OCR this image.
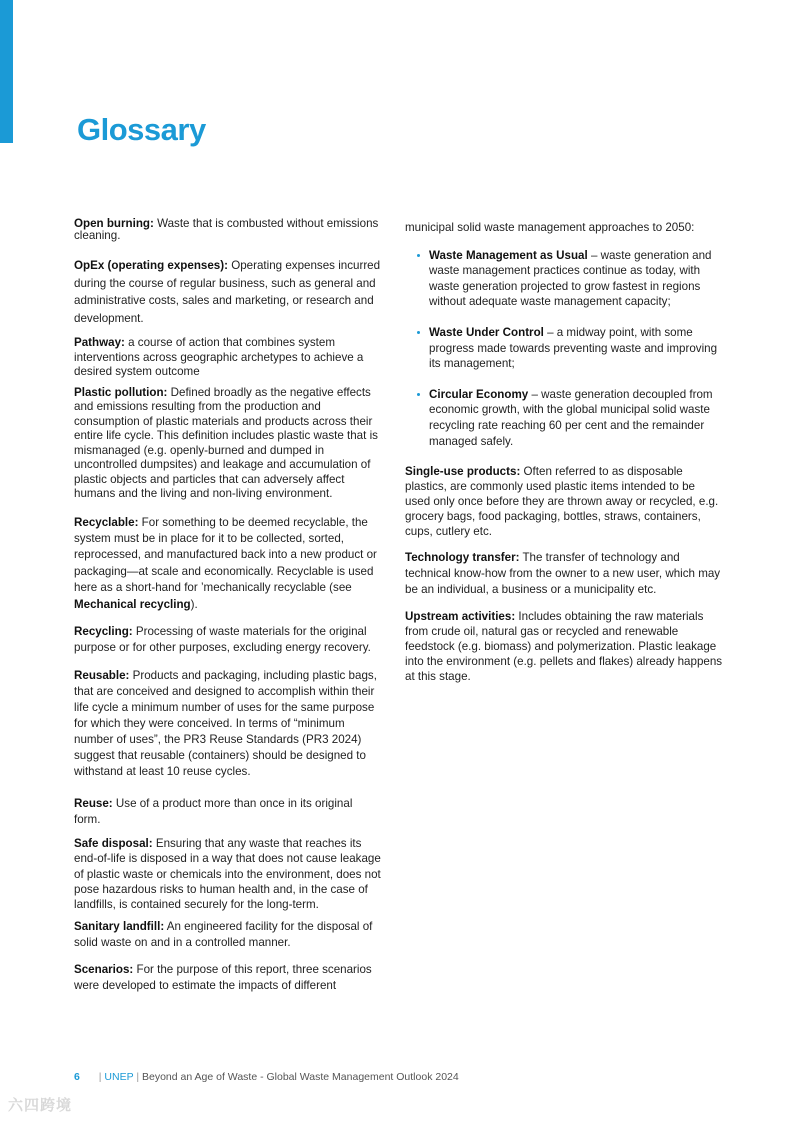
Glossary

Open burning: Waste that is combusted without emissions cleaning.

OpEx (operating expenses): Operating expenses incurred during the course of regular business, such as general and administrative costs, sales and marketing, or research and development.

Pathway: a course of action that combines system interventions across geographic archetypes to achieve a desired system outcome

Plastic pollution: Defined broadly as the negative effects and emissions resulting from the production and consumption of plastic materials and products across their entire life cycle. This definition includes plastic waste that is mismanaged (e.g. openly-burned and dumped in uncontrolled dumpsites) and leakage and accumulation of plastic objects and particles that can adversely affect humans and the living and non-living environment.

Recyclable: For something to be deemed recyclable, the system must be in place for it to be collected, sorted, reprocessed, and manufactured back into a new product or packaging—at scale and economically. Recyclable is used here as a short-hand for ’mechanically recyclable (see Mechanical recycling).

Recycling: Processing of waste materials for the original purpose or for other purposes, excluding energy recovery.

Reusable: Products and packaging, including plastic bags, that are conceived and designed to accomplish within their life cycle a minimum number of uses for the same purpose for which they were conceived. In terms of “minimum number of uses”, the PR3 Reuse Standards (PR3 2024) suggest that reusable (containers) should be designed to withstand at least 10 reuse cycles.

Reuse: Use of a product more than once in its original form.

Safe disposal: Ensuring that any waste that reaches its end-of-life is disposed in a way that does not cause leakage of plastic waste or chemicals into the environment, does not pose hazardous risks to human health and, in the case of landfills, is contained securely for the long-term.

Sanitary landfill: An engineered facility for the disposal of solid waste on and in a controlled manner.

Scenarios: For the purpose of this report, three scenarios were developed to estimate the impacts of different

municipal solid waste management approaches to 2050:

Waste Management as Usual – waste generation and waste management practices continue as today, with waste generation projected to grow fastest in regions without adequate waste management capacity;
Waste Under Control – a midway point, with some progress made towards preventing waste and improving its management;
Circular Economy – waste generation decoupled from economic growth, with the global municipal solid waste recycling rate reaching 60 per cent and the remainder managed safely.

Single-use products: Often referred to as disposable plastics, are commonly used plastic items intended to be used only once before they are thrown away or recycled, e.g. grocery bags, food packaging, bottles, straws, containers, cups, cutlery etc.

Technology transfer: The transfer of technology and technical know-how from the owner to a new user, which may be an individual, a business or a municipality etc.

Upstream activities: Includes obtaining the raw materials from crude oil, natural gas or recycled and renewable feedstock (e.g. biomass) and polymerization. Plastic leakage into the environment (e.g. pellets and flakes) already happens at this stage.

6 | UNEP | Beyond an Age of Waste - Global Waste Management Outlook 2024
六四跨境
